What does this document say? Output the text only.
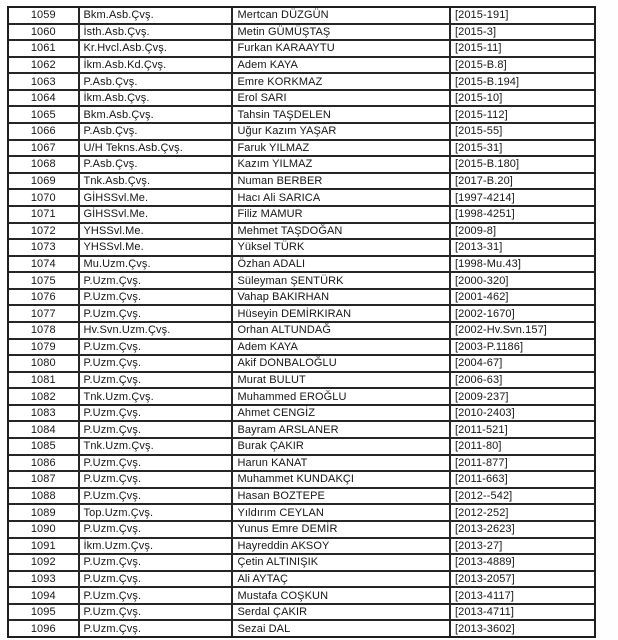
1059	Bkm.Asb.Çvş.	Mertcan DÜZGÜN	[2015-191]
1060	İsth.Asb.Çvş.	Metin GÜMÜŞTAŞ	[2015-3]
1061	Kr.Hvcl.Asb.Çvş.	Furkan KARAAYTU	[2015-11]
1062	İkm.Asb.Kd.Çvş.	Adem KAYA	[2015-B.8]
1063	P.Asb.Çvş.	Emre KORKMAZ	[2015-B.194]
1064	İkm.Asb.Çvş.	Erol SARI	[2015-10]
1065	Bkm.Asb.Çvş.	Tahsin TAŞDELEN	[2015-112]
1066	P.Asb.Çvş.	Uğur Kazım YAŞAR	[2015-55]
1067	U/H Tekns.Asb.Çvş.	Faruk YILMAZ	[2015-31]
1068	P.Asb.Çvş.	Kazım YILMAZ	[2015-B.180]
1069	Tnk.Asb.Çvş.	Numan BERBER	[2017-B.20]
1070	GİHSSvl.Me.	Hacı Ali SARICA	[1997-4214]
1071	GİHSSvl.Me.	Filiz MAMUR	[1998-4251]
1072	YHSSvl.Me.	Mehmet TAŞDOĞAN	[2009-8]
1073	YHSSvl.Me.	Yüksel TÜRK	[2013-31]
1074	Mu.Uzm.Çvş.	Özhan ADALI	[1998-Mu.43]
1075	P.Uzm.Çvş.	Süleyman ŞENTÜRK	[2000-320]
1076	P.Uzm.Çvş.	Vahap BAKIRHAN	[2001-462]
1077	P.Uzm.Çvş.	Hüseyin DEMİRKIRAN	[2002-1670]
1078	Hv.Svn.Uzm.Çvş.	Orhan ALTUNDAĞ	[2002-Hv.Svn.157]
1079	P.Uzm.Çvş.	Adem KAYA	[2003-P.1186]
1080	P.Uzm.Çvş.	Akif DONBALOĞLU	[2004-67]
1081	P.Uzm.Çvş.	Murat BULUT	[2006-63]
1082	Tnk.Uzm.Çvş.	Muhammed EROĞLU	[2009-237]
1083	P.Uzm.Çvş.	Ahmet CENGİZ	[2010-2403]
1084	P.Uzm.Çvş.	Bayram ARSLANER	[2011-521]
1085	Tnk.Uzm.Çvş.	Burak ÇAKIR	[2011-80]
1086	P.Uzm.Çvş.	Harun KANAT	[2011-877]
1087	P.Uzm.Çvş.	Muhammet KUNDAKÇI	[2011-663]
1088	P.Uzm.Çvş.	Hasan BOZTEPE	[2012--542]
1089	Top.Uzm.Çvş.	Yıldırım CEYLAN	[2012-252]
1090	P.Uzm.Çvş.	Yunus Emre DEMİR	[2013-2623]
1091	İkm.Uzm.Çvş.	Hayreddin AKSOY	[2013-27]
1092	P.Uzm.Çvş.	Çetin ALTINIŞIK	[2013-4889]
1093	P.Uzm.Çvş.	Ali AYTAÇ	[2013-2057]
1094	P.Uzm.Çvş.	Mustafa COŞKUN	[2013-4117]
1095	P.Uzm.Çvş.	Serdal ÇAKIR	[2013-4711]
1096	P.Uzm.Çvş.	Sezai DAL	[2013-3602]
